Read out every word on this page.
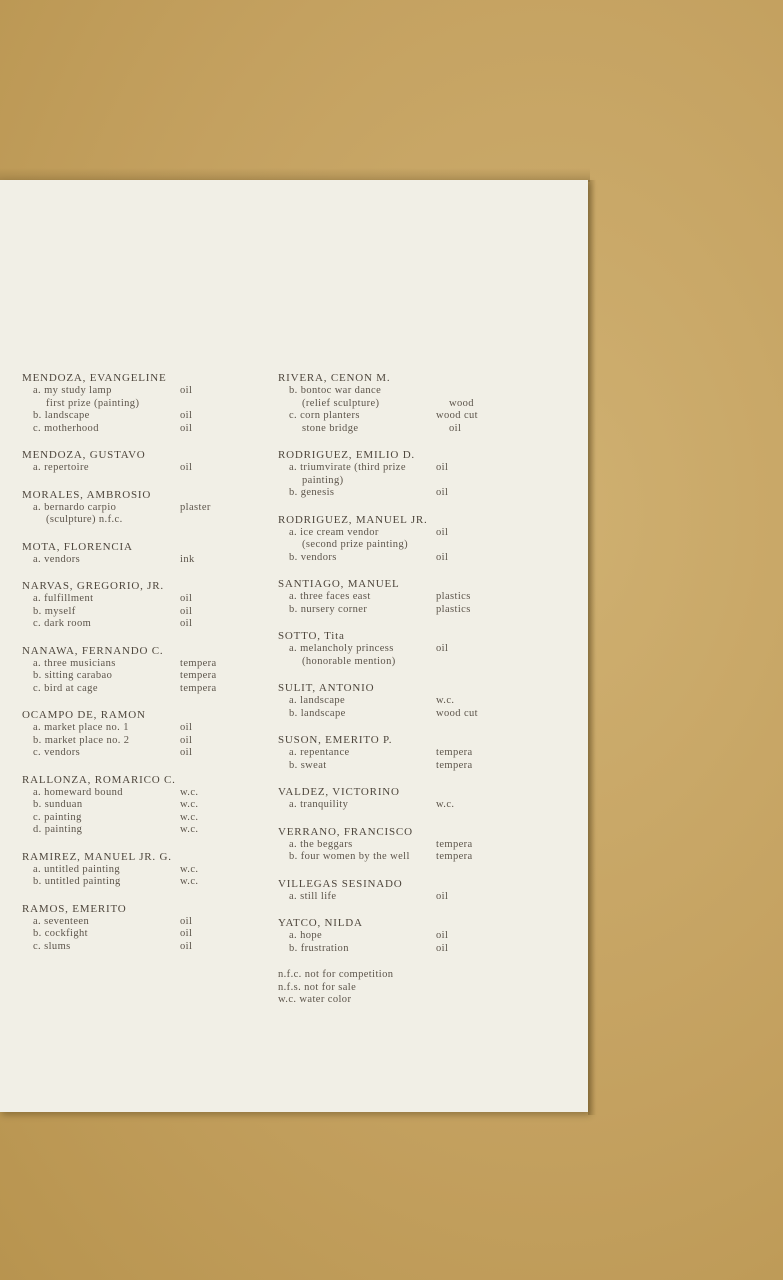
MENDOZA, EVANGELINE
a. my study lamp	oil
first prize (painting)
b. landscape	oil
c. motherhood	oil
MENDOZA, GUSTAVO
a. repertoire	oil
MORALES, AMBROSIO
a. bernardo carpio	plaster
(sculpture) n.f.c.
MOTA, FLORENCIA
a. vendors	ink
NARVAS, GREGORIO, JR.
a. fulfillment	oil
b. myself	oil
c. dark room	oil
NANAWA, FERNANDO C.
a. three musicians	tempera
b. sitting carabao	tempera
c. bird at cage	tempera
OCAMPO DE, RAMON
a. market place no. 1	oil
b. market place no. 2	oil
c. vendors	oil
RALLONZA, ROMARICO C.
a. homeward bound	w.c.
b. sunduan	w.c.
c. painting	w.c.
d. painting	w.c.
RAMIREZ, MANUEL JR. G.
a. untitled painting	w.c.
b. untitled painting	w.c.
RAMOS, EMERITO
a. seventeen	oil
b. cockfight	oil
c. slums	oil
RIVERA, CENON M.
b. bontoc war dance
(relief sculpture)	wood
c. corn planters	wood cut
stone bridge	oil
RODRIGUEZ, EMILIO D.
a. triumvirate (third prize	oil
painting)
b. genesis	oil
RODRIGUEZ, MANUEL JR.
a. ice cream vendor	oil
(second prize painting)
b. vendors	oil
SANTIAGO, MANUEL
a. three faces east	plastics
b. nursery corner	plastics
SOTTO, Tita
a. melancholy princess	oil
(honorable mention)
SULIT, ANTONIO
a. landscape	w.c.
b. landscape	wood cut
SUSON, EMERITO P.
a. repentance	tempera
b. sweat	tempera
VALDEZ, VICTORINO
a. tranquility	w.c.
VERRANO, FRANCISCO
a. the beggars	tempera
b. four women by the well	tempera
VILLEGAS SESINADO
a. still life	oil
YATCO, NILDA
a. hope	oil
b. frustration	oil
n.f.c. not for competition
n.f.s. not for sale
w.c. water color
